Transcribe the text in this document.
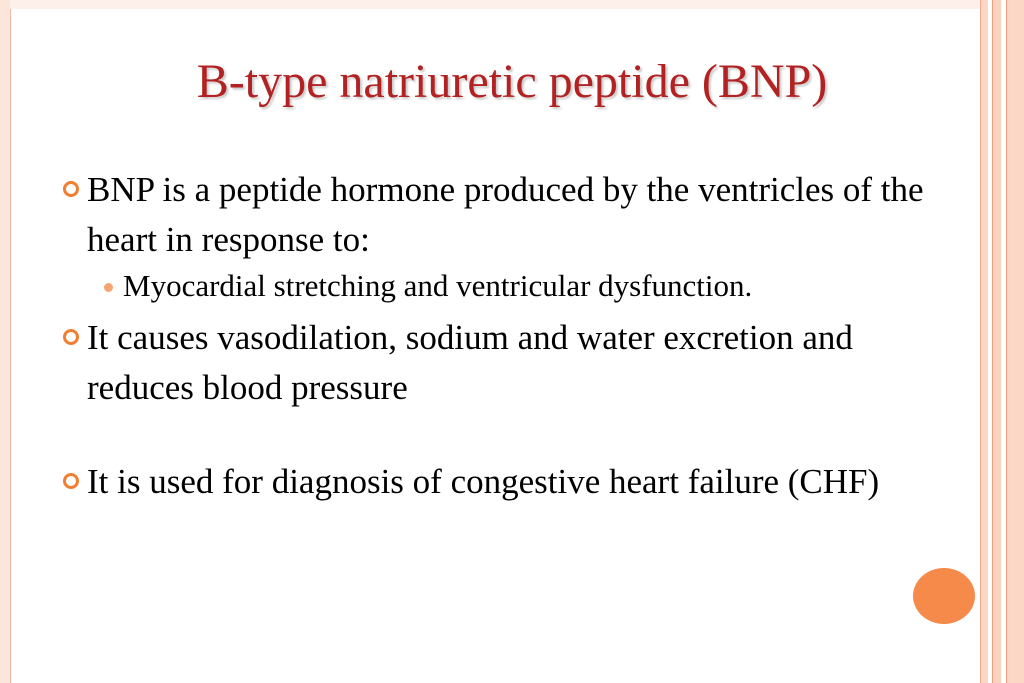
B-type natriuretic peptide (BNP)
BNP is a peptide hormone produced by the ventricles of the heart in response to:
Myocardial stretching and ventricular dysfunction.
It causes vasodilation, sodium and water excretion and reduces blood pressure
It is used for diagnosis of congestive heart failure (CHF)
